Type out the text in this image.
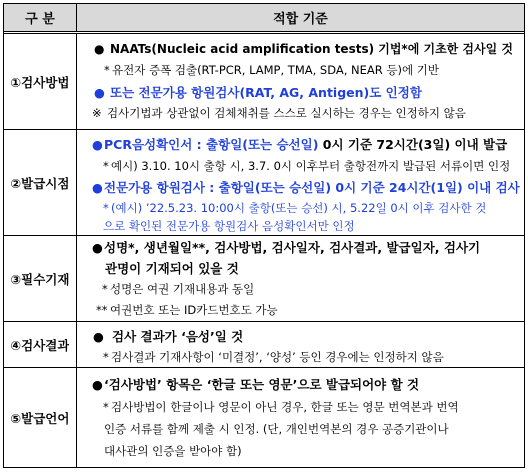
구 분	적합 기준
①검사방법
● NAATs(Nucleic acid amplification tests) 기법*에 기초한 검사일 것
* 유전자 증폭 검출(RT-PCR, LAMP, TMA, SDA, NEAR 등)에 기반
● 또는 전문가용 항원검사(RAT, AG, Antigen)도 인정함
※ 검사기법과 상관없이 검체채취를 스스로 실시하는 경우는 인정하지 않음
②발급시점
●PCR음성확인서 : 출항일(또는 승선일) 0시 기준 72시간(3일) 이내 발급
* 예시) 3.10. 10시 출항 시, 3.7. 0시 이후부터 출항전까지 발급된 서류이면 인정
●전문가용 항원검사 : 출항일(또는 승선일) 0시 기준 24시간(1일) 이내 검사
* (예시) ’22.5.23. 10:00시 출항(또는 승선) 시, 5.22일 0시 이후 검사한 것
으로 확인된 전문가용 항원검사 음성확인서만 인정
③필수기재
●성명*, 생년월일**, 검사방법, 검사일자, 검사결과, 발급일자, 검사기
관명이 기재되어 있을 것
* 성명은 여권 기재내용과 동일
** 여권번호 또는 ID카드번호도 가능
④검사결과
● 검사 결과가 ‘음성’일 것
* 검사결과 기재사항이 ‘미결정’, ‘양성’ 등인 경우에는 인정하지 않음
⑤발급언어
●‘검사방법’ 항목은 ‘한글 또는 영문’으로 발급되어야 할 것
* 검사방법이 한글이나 영문이 아닌 경우, 한글 또는 영문 번역본과 번역
인증 서류를 함께 제출 시 인정. (단, 개인번역본의 경우 공증기관이나
대사관의 인증을 받아야 함)
